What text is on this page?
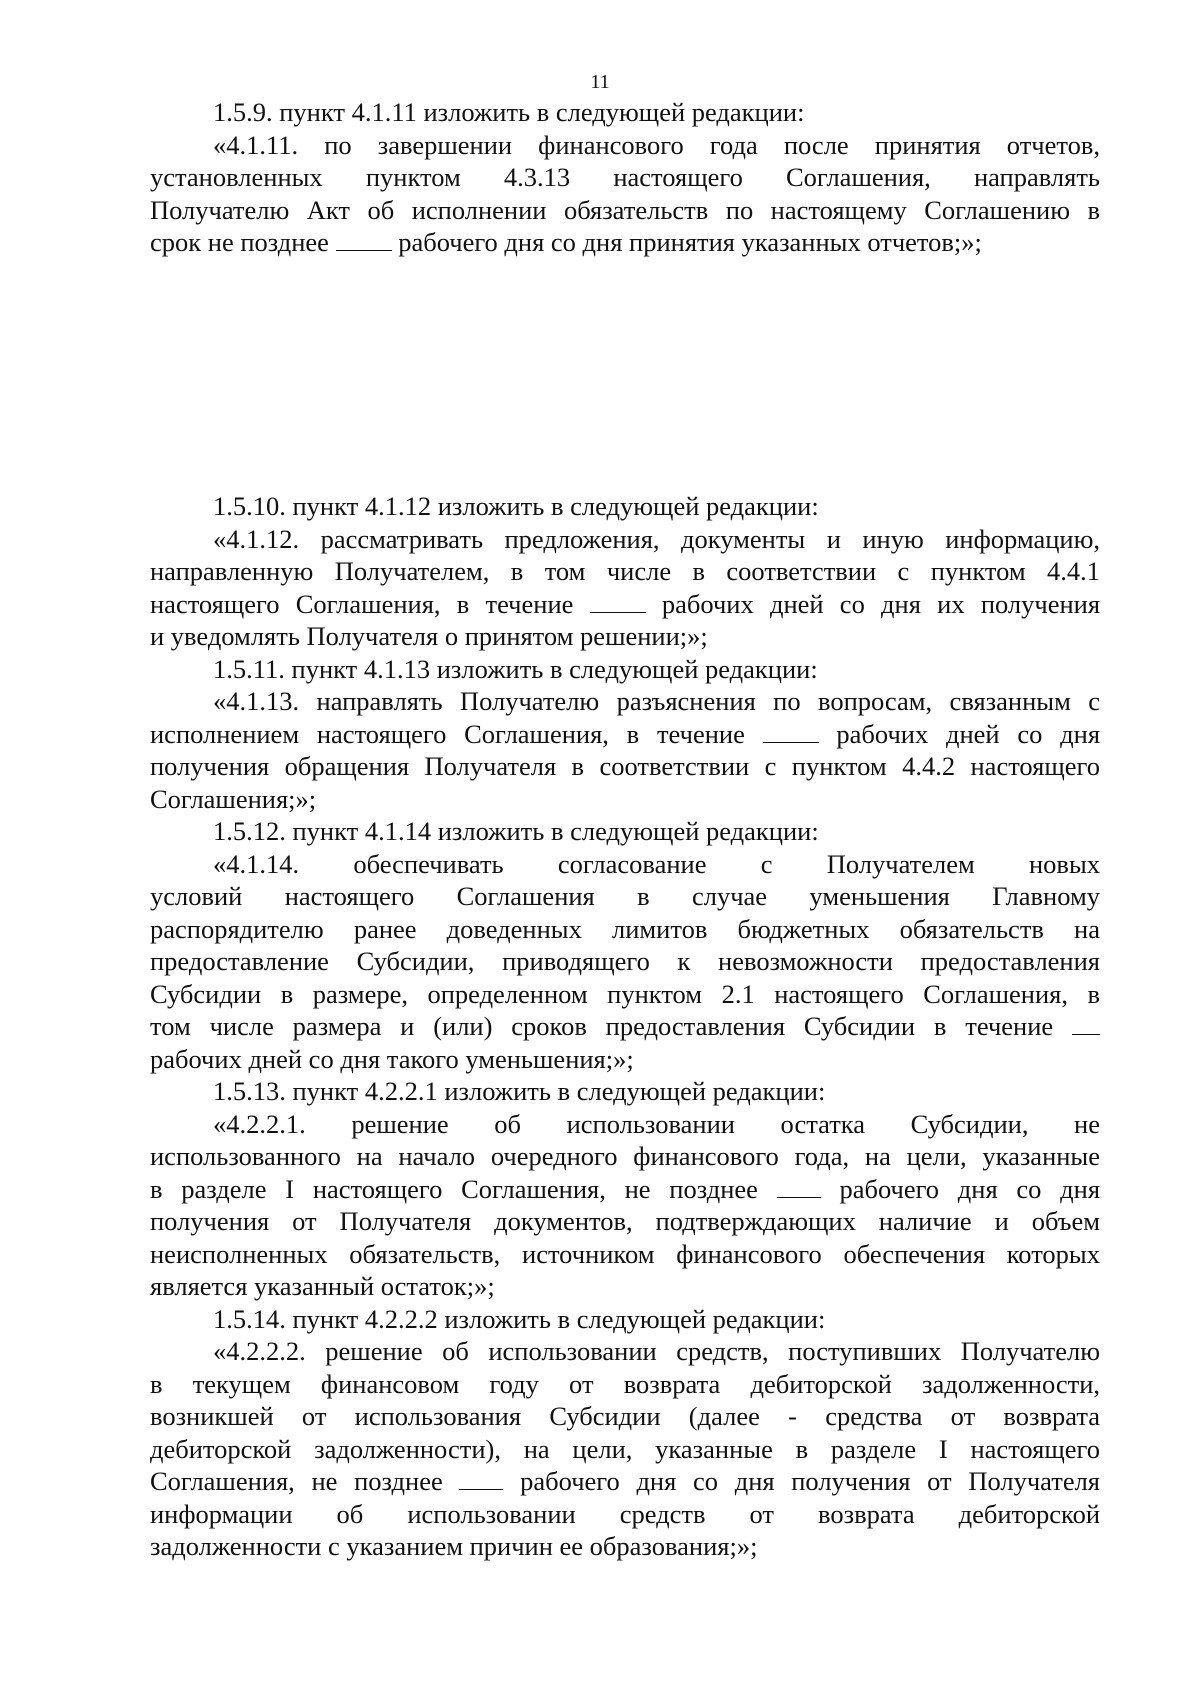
11
1.5.9. пункт 4.1.11 изложить в следующей редакции:
«4.1.11. по завершении финансового года после принятия отчетов,
установленных пунктом 4.3.13 настоящего Соглашения, направлять
Получателю Акт об исполнении обязательств по настоящему Соглашению в
срок не позднее	рабочего дня со дня принятия указанных отчетов;»;
1.5.10. пункт 4.1.12 изложить в следующей редакции:
«4.1.12. рассматривать предложения, документы и иную информацию,
направленную Получателем, в том числе в соответствии с пунктом 4.4.1
настоящего Соглашения, в течение	рабочих дней со дня их получения
и уведомлять Получателя о принятом решении;»;
1.5.11. пункт 4.1.13 изложить в следующей редакции:
«4.1.13. направлять Получателю разъяснения по вопросам, связанным с
исполнением настоящего Соглашения, в течение	рабочих дней со дня
получения обращения Получателя в соответствии с пунктом 4.4.2 настоящего
Соглашения;»;
1.5.12. пункт 4.1.14 изложить в следующей редакции:
«4.1.14. обеспечивать согласование с Получателем новых
условий настоящего Соглашения в случае уменьшения Главному
распорядителю ранее доведенных лимитов бюджетных обязательств на
предоставление Субсидии, приводящего к невозможности предоставления
Субсидии в размере, определенном пунктом 2.1 настоящего Соглашения, в
том числе размера и (или) сроков предоставления Субсидии в течение
рабочих дней со дня такого уменьшения;»;
1.5.13. пункт 4.2.2.1 изложить в следующей редакции:
«4.2.2.1. решение об использовании остатка Субсидии, не
использованного на начало очередного финансового года, на цели, указанные
в разделе I настоящего Соглашения, не позднее	рабочего дня со дня
получения от Получателя документов, подтверждающих наличие и объем
неисполненных обязательств, источником финансового обеспечения которых
является указанный остаток;»;
1.5.14. пункт 4.2.2.2 изложить в следующей редакции:
«4.2.2.2. решение об использовании средств, поступивших Получателю
в текущем финансовом году от возврата дебиторской задолженности,
возникшей от использования Субсидии (далее - средства от возврата
дебиторской задолженности), на цели, указанные в разделе I настоящего
Соглашения, не позднее	рабочего дня со дня получения от Получателя
информации об использовании средств от возврата дебиторской
задолженности с указанием причин ее образования;»;
